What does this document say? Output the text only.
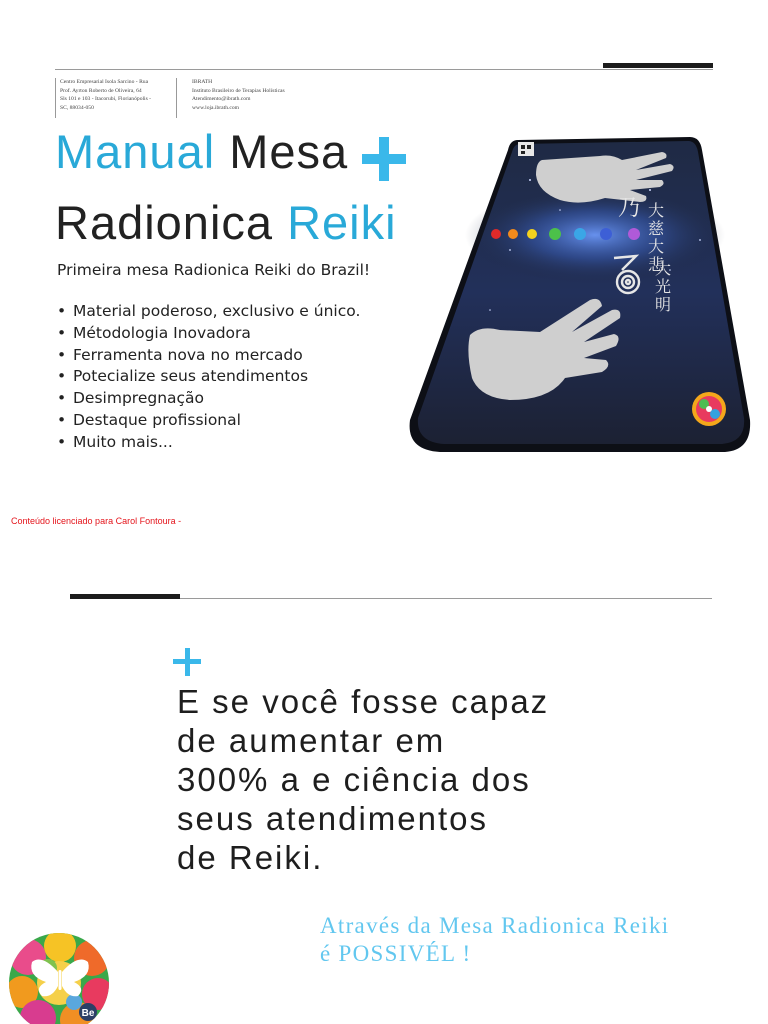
Centro Empresarial Isola Sarcino - Rua
Prof. Ayrton Roberto de Oliveira, 64
Sls 101 e 103 - Itacorubi, Florianópolis -
SC, 88034-050
IBRATH
Instituto Brasileiro de Terapias Holísticas
Atendimento@ibrath.com
www.loja.ibrath.com
Manual Mesa
Radionica Reiki
Primeira mesa Radionica Reiki do Brazil!
• Material poderoso, exclusivo e único.
• Métodologia Inovadora
• Ferramenta nova no mercado
• Potecialize seus atendimentos
• Desimpregnação
• Destaque profissional
• Muito mais...
大慈大悲
乃
大光明
Conteúdo licenciado para Carol Fontoura -
E se você fosse capaz
de aumentar em
300% a e ciência dos
seus atendimentos
de Reiki.
Através da Mesa Radionica Reiki
é POSSIVÉL !
Be
